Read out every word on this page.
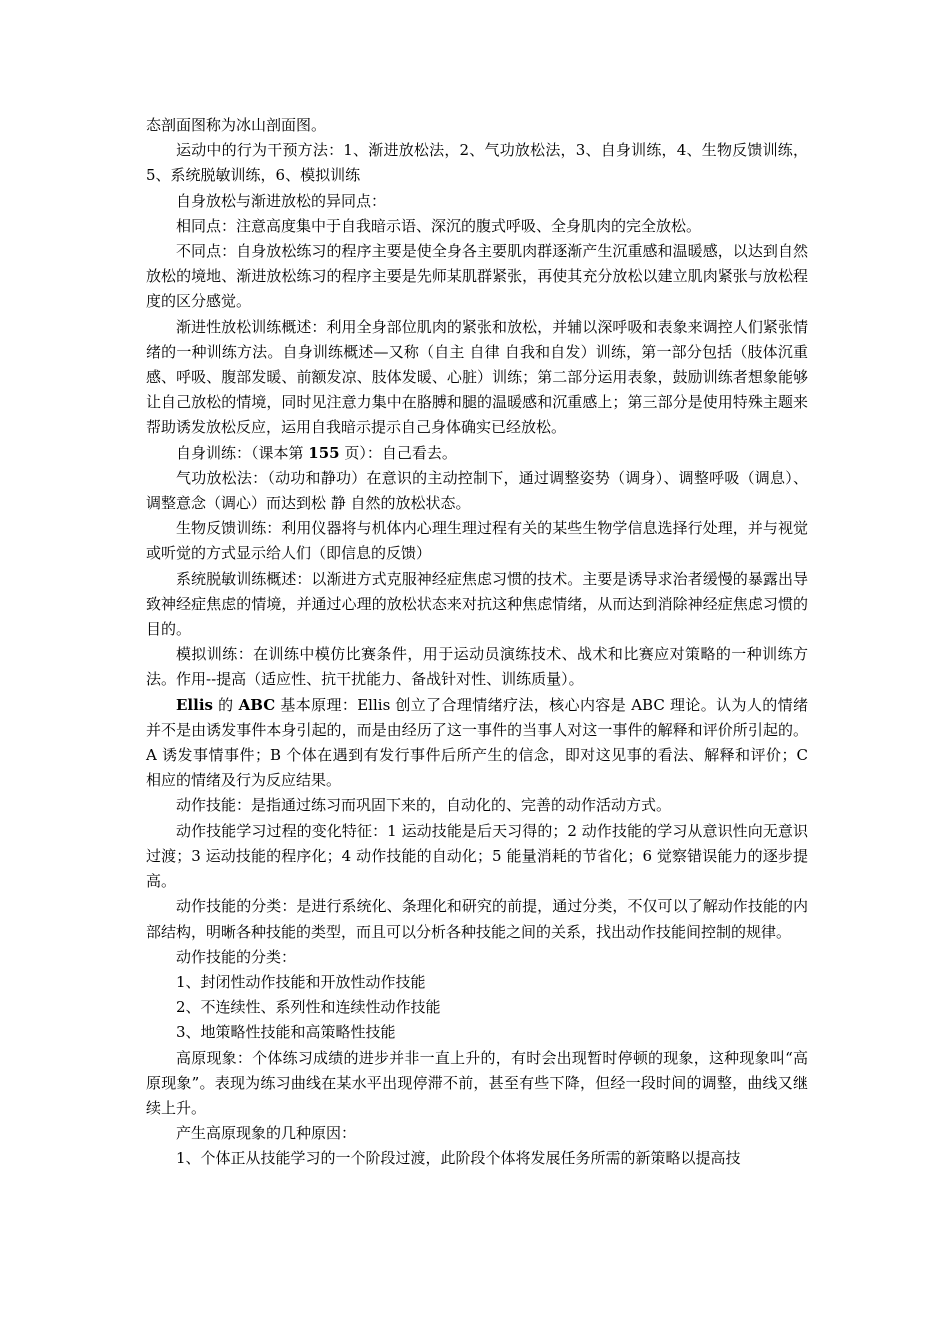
态剖面图称为冰山剖面图。

运动中的行为干预方法：1、渐进放松法，2、气功放松法，3、自身训练，4、生物反馈训练，5、系统脱敏训练，6、模拟训练

自身放松与渐进放松的异同点：

相同点：注意高度集中于自我暗示语、深沉的腹式呼吸、全身肌肉的完全放松。

不同点：自身放松练习的程序主要是使全身各主要肌肉群逐渐产生沉重感和温暖感，以达到自然放松的境地、渐进放松练习的程序主要是先师某肌群紧张，再使其充分放松以建立肌肉紧张与放松程度的区分感觉。

渐进性放松训练概述：利用全身部位肌肉的紧张和放松，并辅以深呼吸和表象来调控人们紧张情绪的一种训练方法。自身训练概述—又称（自主 自律 自我和自发）训练，第一部分包括（肢体沉重感、呼吸、腹部发暖、前额发凉、肢体发暖、心脏）训练；第二部分运用表象，鼓励训练者想象能够让自己放松的情境，同时见注意力集中在胳膊和腿的温暖感和沉重感上；第三部分是使用特殊主题来帮助诱发放松反应，运用自我暗示提示自己身体确实已经放松。

自身训练：（课本第 155 页）：自己看去。

气功放松法：（动功和静功）在意识的主动控制下，通过调整姿势（调身）、调整呼吸（调息）、调整意念（调心）而达到松 静 自然的放松状态。

生物反馈训练：利用仪器将与机体内心理生理过程有关的某些生物学信息选择行处理，并与视觉或听觉的方式显示给人们（即信息的反馈）

系统脱敏训练概述：以渐进方式克服神经症焦虑习惯的技术。主要是诱导求治者缓慢的暴露出导致神经症焦虑的情境，并通过心理的放松状态来对抗这种焦虑情绪，从而达到消除神经症焦虑习惯的目的。

模拟训练：在训练中模仿比赛条件，用于运动员演练技术、战术和比赛应对策略的一种训练方法。作用--提高（适应性、抗干扰能力、备战针对性、训练质量）。

Ellis 的 ABC 基本原理：Ellis 创立了合理情绪疗法，核心内容是 ABC 理论。认为人的情绪并不是由诱发事件本身引起的，而是由经历了这一事件的当事人对这一事件的解释和评价所引起的。A 诱发事情事件；B 个体在遇到有发行事件后所产生的信念，即对这见事的看法、解释和评价；C 相应的情绪及行为反应结果。

动作技能：是指通过练习而巩固下来的，自动化的、完善的动作活动方式。

动作技能学习过程的变化特征：1 运动技能是后天习得的；2 动作技能的学习从意识性向无意识过渡；3 运动技能的程序化；4 动作技能的自动化；5 能量消耗的节省化；6 觉察错误能力的逐步提高。

动作技能的分类：是进行系统化、条理化和研究的前提，通过分类，不仅可以了解动作技能的内部结构，明晰各种技能的类型，而且可以分析各种技能之间的关系，找出动作技能间控制的规律。

动作技能的分类：

1、封闭性动作技能和开放性动作技能

2、不连续性、系列性和连续性动作技能

3、地策略性技能和高策略性技能

高原现象：个体练习成绩的进步并非一直上升的，有时会出现暂时停顿的现象，这种现象叫“高原现象”。表现为练习曲线在某水平出现停滞不前，甚至有些下降，但经一段时间的调整，曲线又继续上升。

产生高原现象的几种原因：

1、个体正从技能学习的一个阶段过渡，此阶段个体将发展任务所需的新策略以提高技
